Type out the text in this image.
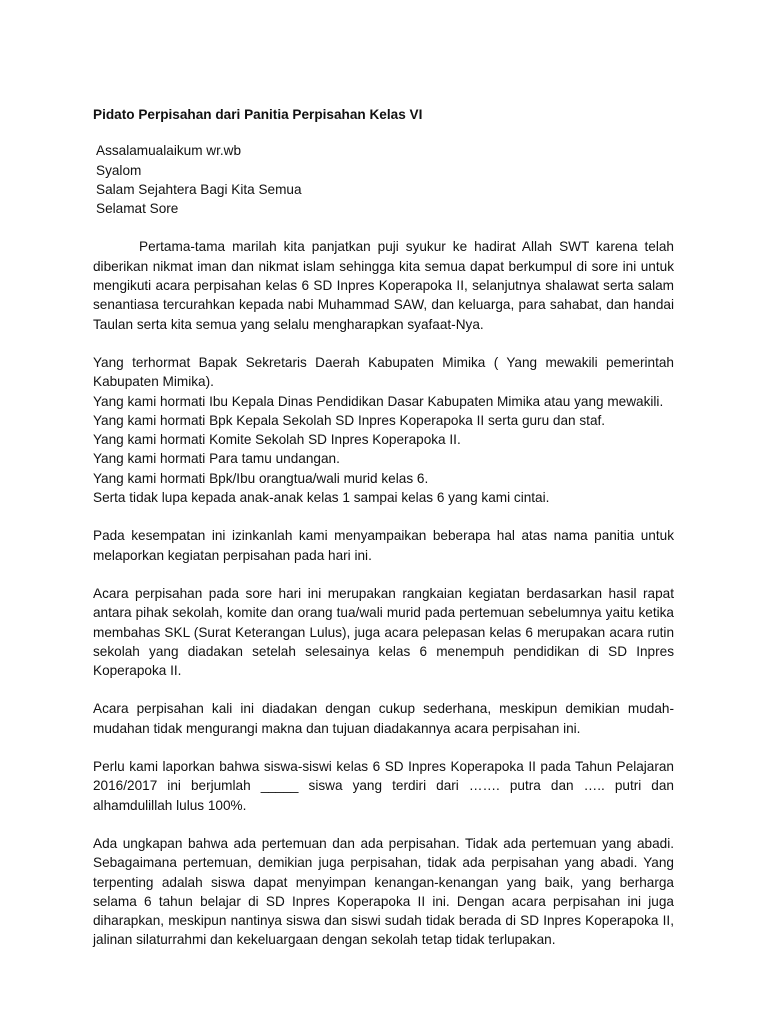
Pidato Perpisahan dari Panitia Perpisahan Kelas VI

Assalamualaikum wr.wb
Syalom
Salam Sejahtera Bagi Kita Semua
Selamat Sore

Pertama-tama marilah kita panjatkan puji syukur ke hadirat Allah SWT karena telah diberikan nikmat iman dan nikmat islam sehingga kita semua dapat berkumpul di sore ini untuk mengikuti acara perpisahan kelas 6 SD Inpres Koperapoka II, selanjutnya shalawat serta salam senantiasa tercurahkan kepada nabi Muhammad SAW, dan keluarga, para sahabat, dan handai Taulan serta kita semua yang selalu mengharapkan syafaat-Nya.

Yang terhormat Bapak Sekretaris Daerah Kabupaten Mimika ( Yang mewakili pemerintah Kabupaten Mimika).

Yang kami hormati Ibu Kepala Dinas Pendidikan Dasar Kabupaten Mimika atau yang mewakili.
Yang kami hormati Bpk Kepala Sekolah SD Inpres Koperapoka II serta guru dan staf.
Yang kami hormati Komite Sekolah SD Inpres Koperapoka II.
Yang kami hormati Para tamu undangan.
Yang kami hormati Bpk/Ibu orangtua/wali murid kelas 6.
Serta tidak lupa kepada anak-anak kelas 1 sampai kelas 6 yang kami cintai.

Pada kesempatan ini izinkanlah kami menyampaikan beberapa hal atas nama panitia untuk melaporkan kegiatan perpisahan pada hari ini.

Acara perpisahan pada sore hari ini merupakan rangkaian kegiatan berdasarkan hasil rapat antara pihak sekolah, komite dan orang tua/wali murid pada pertemuan sebelumnya yaitu ketika membahas SKL (Surat Keterangan Lulus), juga acara pelepasan kelas 6 merupakan acara rutin sekolah yang diadakan setelah selesainya kelas 6 menempuh pendidikan di SD Inpres Koperapoka II.

Acara perpisahan kali ini diadakan dengan cukup sederhana, meskipun demikian mudah-mudahan tidak mengurangi makna dan tujuan diadakannya acara perpisahan ini.

Perlu kami laporkan bahwa siswa-siswi kelas 6 SD Inpres Koperapoka II pada Tahun Pelajaran 2016/2017 ini berjumlah _____ siswa yang terdiri dari ……. putra dan ….. putri dan alhamdulillah lulus 100%.

Ada ungkapan bahwa ada pertemuan dan ada perpisahan. Tidak ada pertemuan yang abadi. Sebagaimana pertemuan, demikian juga perpisahan, tidak ada perpisahan yang abadi. Yang terpenting adalah siswa dapat menyimpan kenangan-kenangan yang baik, yang berharga selama 6 tahun belajar di SD Inpres Koperapoka II ini. Dengan acara perpisahan ini juga diharapkan, meskipun nantinya siswa dan siswi sudah tidak berada di SD Inpres Koperapoka II, jalinan silaturrahmi dan kekeluargaan dengan sekolah tetap tidak terlupakan.
